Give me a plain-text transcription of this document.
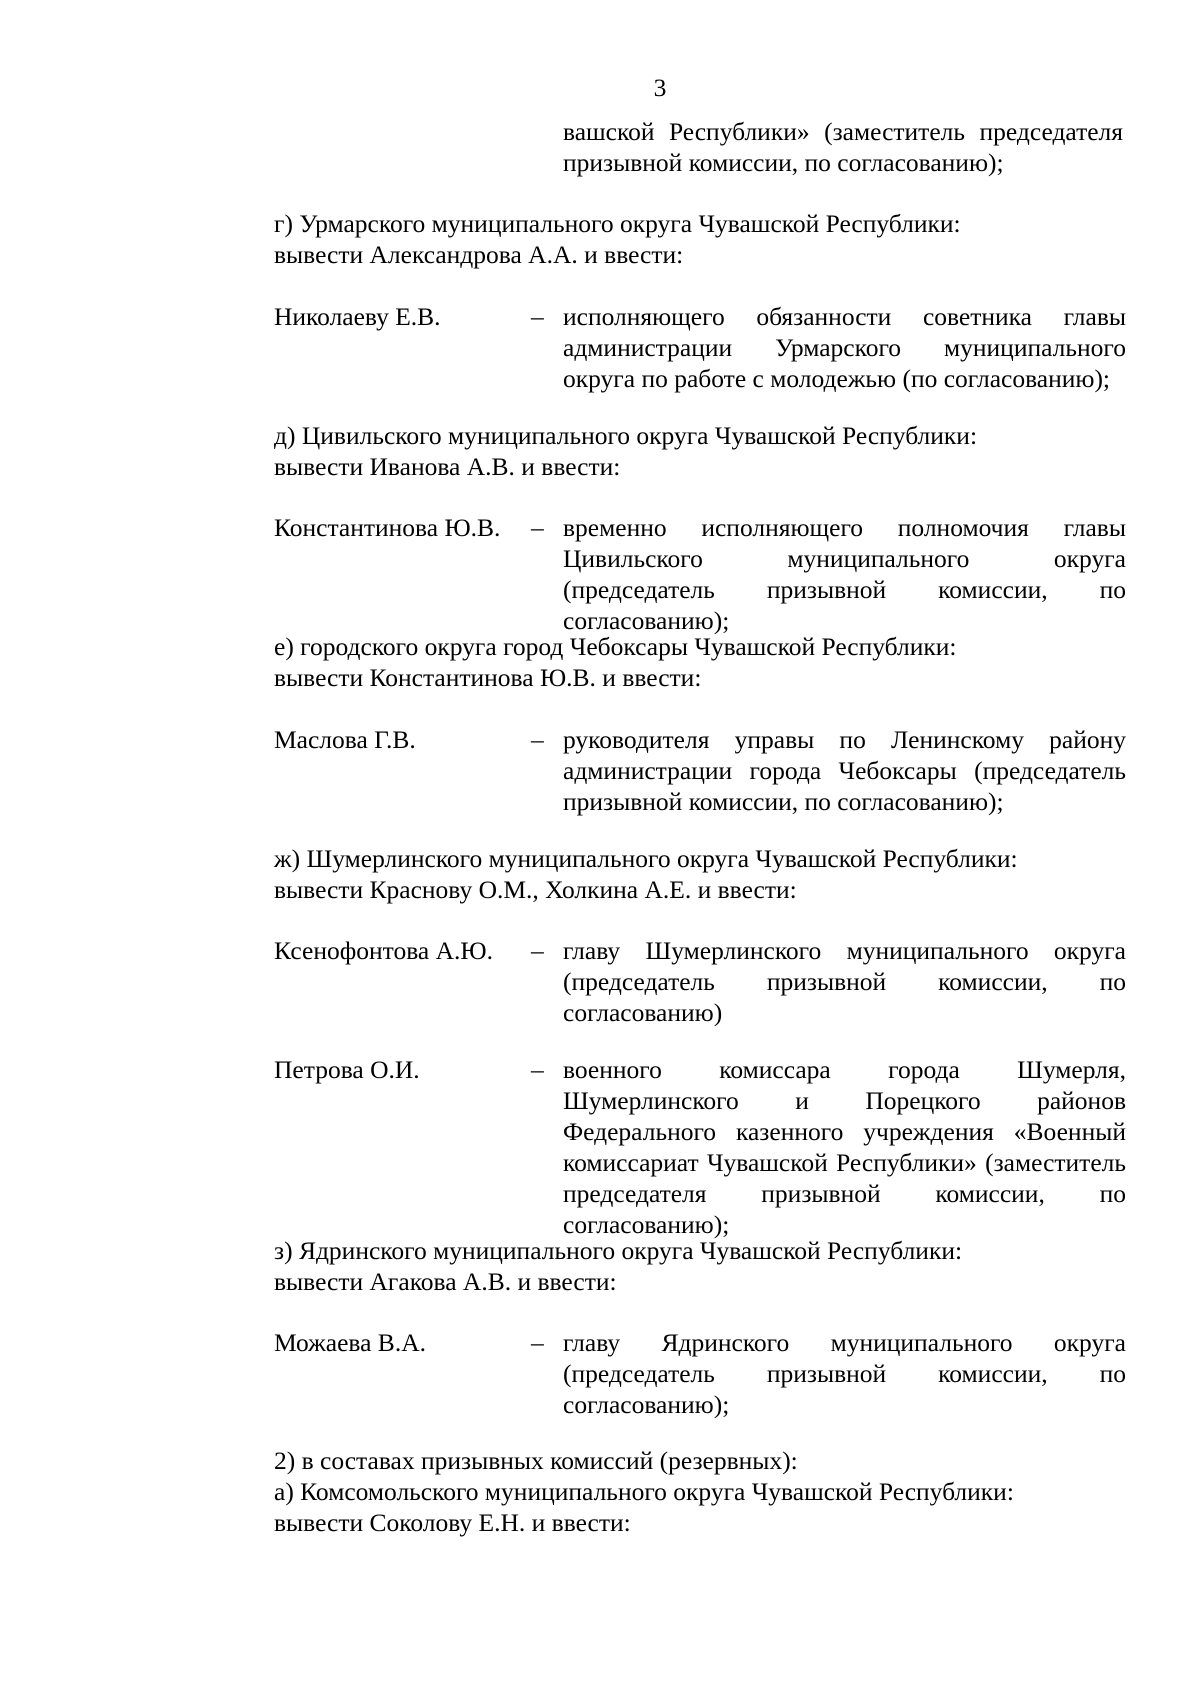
3
вашской Республики» (заместитель председателя призывной комиссии, по согласованию);
г) Урмарского муниципального округа Чувашской Республики:
вывести Александрова А.А. и ввести:
Николаеву Е.В.	– исполняющего обязанности советника главы администрации Урмарского муниципального округа по работе с молодежью (по согласованию);
д) Цивильского муниципального округа Чувашской Республики:
вывести Иванова А.В. и ввести:
Константинова Ю.В. – временно исполняющего полномочия главы Цивильского муниципального округа (председатель призывной комиссии, по согласованию);
е) городского округа город Чебоксары Чувашской Республики:
вывести Константинова Ю.В. и ввести:
Маслова Г.В.	– руководителя управы по Ленинскому району администрации города Чебоксары (председатель призывной комиссии, по согласованию);
ж) Шумерлинского муниципального округа Чувашской Республики:
вывести Краснову О.М., Холкина А.Е. и ввести:
Ксенофонтова А.Ю. – главу Шумерлинского муниципального округа (председатель призывной комиссии, по согласованию)
Петрова О.И.	– военного комиссара города Шумерля, Шумерлинского и Порецкого районов Федерального казенного учреждения «Военный комиссариат Чувашской Республики» (заместитель председателя призывной комиссии, по согласованию);
з) Ядринского муниципального округа Чувашской Республики:
вывести Агакова А.В. и ввести:
Можаева В.А.	– главу Ядринского муниципального округа (председатель призывной комиссии, по согласованию);
2) в составах призывных комиссий (резервных):
а) Комсомольского муниципального округа Чувашской Республики:
вывести Соколову Е.Н. и ввести:
